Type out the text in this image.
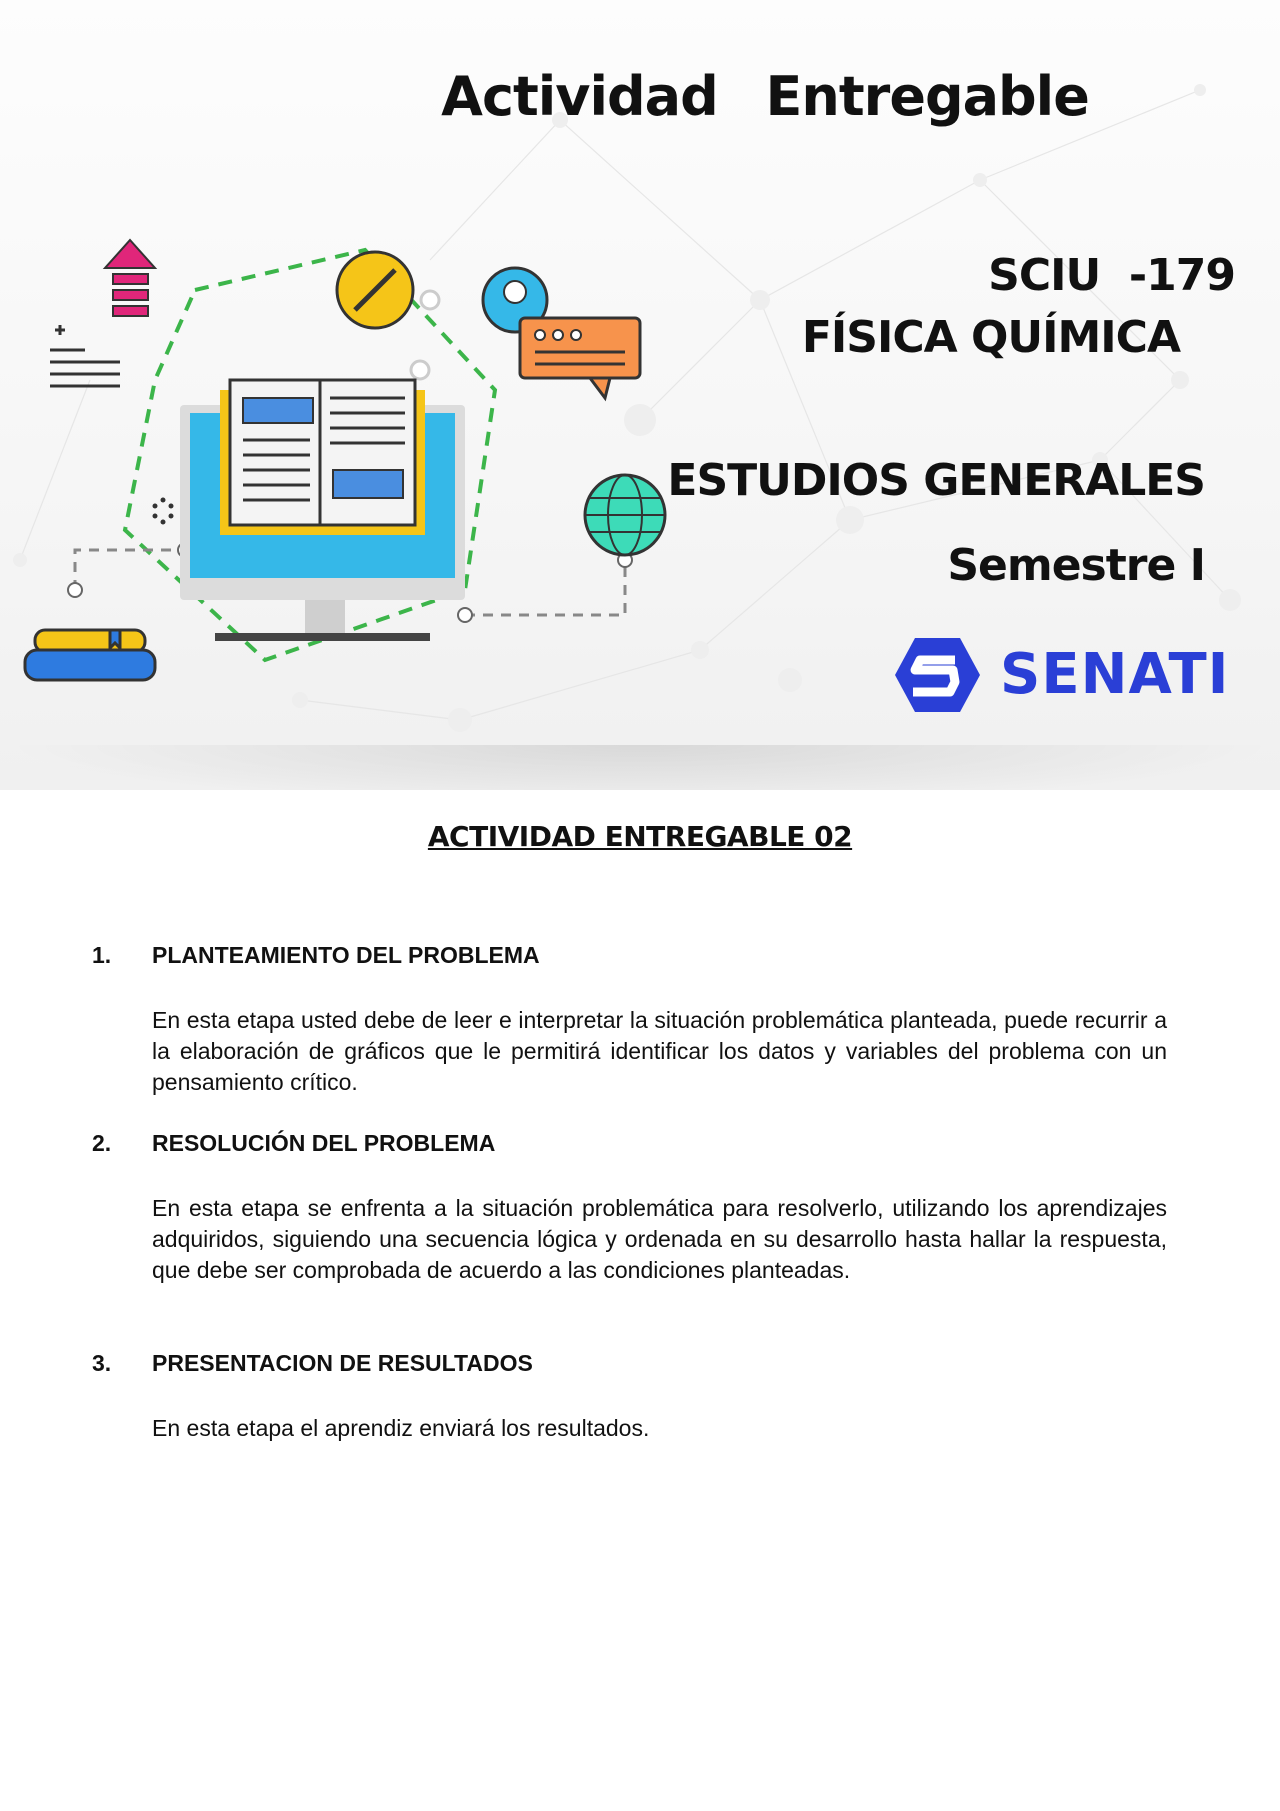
Actividad Entregable
SCIU  -179
FÍSICA QUÍMICA
ESTUDIOS GENERALES
Semestre I
SENATI
ACTIVIDAD ENTREGABLE 02
1.	PLANTEAMIENTO DEL PROBLEMA
En esta etapa usted debe de leer e interpretar la situación problemática planteada, puede recurrir a la elaboración de gráficos que le permitirá identificar los datos y variables del problema con un pensamiento crítico.
2.	RESOLUCIÓN DEL PROBLEMA
En esta etapa se enfrenta a la situación problemática para resolverlo, utilizando los aprendizajes adquiridos, siguiendo una secuencia lógica y ordenada en su desarrollo hasta hallar la respuesta, que debe ser comprobada de acuerdo a las condiciones planteadas.
3.	PRESENTACION DE RESULTADOS
En esta etapa el aprendiz enviará los resultados.
